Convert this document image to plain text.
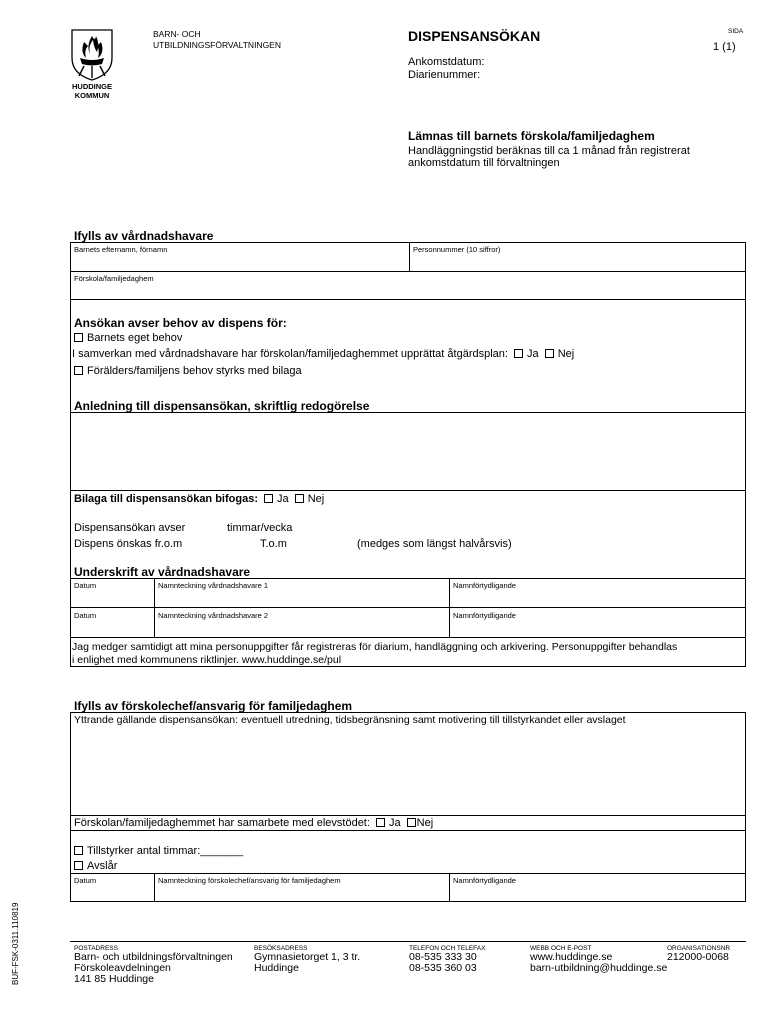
HUDDINGE
KOMMUN
BARN- OCH
UTBILDNINGSFÖRVALTNINGEN
DISPENSANSÖKAN	SIDA
1 (1)
Ankomstdatum:
Diarienummer:
Lämnas till barnets förskola/familjedaghem
Handläggningstid beräknas till ca 1 månad från registrerat
ankomstdatum till förvaltningen
Ifylls av vårdnadshavare
Barnets efternamn, förnamn	Personnummer (10 siffror)
Förskola/familjedaghem
Ansökan avser behov av dispens för:
Barnets eget behov
I samverkan med vårdnadshavare har förskolan/familjedaghemmet upprättat åtgärdsplan: Ja Nej
Förälders/familjens behov styrks med bilaga
Anledning till dispensansökan, skriftlig redogörelse
Bilaga till dispensansökan bifogas: Ja Nej
Dispensansökan avser	timmar/vecka
Dispens önskas fr.o.m	T.o.m	(medges som längst halvårsvis)
Underskrift av vårdnadshavare
Datum	Namnteckning vårdnadshavare 1	Namnförtydligande
Datum	Namnteckning vårdnadshavare 2	Namnförtydligande
Jag medger samtidigt att mina personuppgifter får registreras för diarium, handläggning och arkivering. Personuppgifter behandlas
i enlighet med kommunens riktlinjer. www.huddinge.se/pul
Ifylls av förskolechef/ansvarig för familjedaghem
Yttrande gällande dispensansökan: eventuell utredning, tidsbegränsning samt motivering till tillstyrkandet eller avslaget
Förskolan/familjedaghemmet har samarbete med elevstödet: Ja Nej
Tillstyrker antal timmar:_______
Avslår
Datum	Namnteckning förskolechef/ansvarig för familjedaghem	Namnförtydligande
BUF-FSK-0311.110819	POSTADRESS
Barn- och utbildningsförvaltningen
Förskoleavdelningen
141 85 Huddinge
BESÖKSADRESS
Gymnasietorget 1, 3 tr.
Huddinge
TELEFON OCH TELEFAX
08-535 333 30
08-535 360 03
WEBB OCH E-POST
www.huddinge.se
barn-utbildning@huddinge.se
ORGANISATIONSNR
212000-0068
